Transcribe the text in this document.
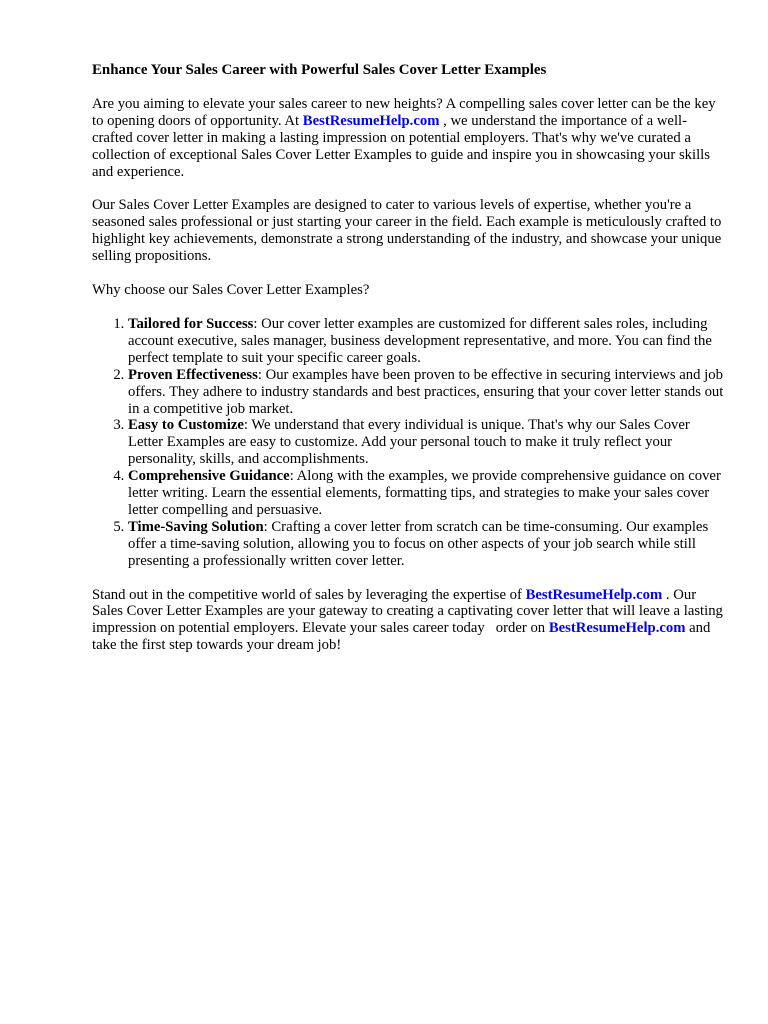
Enhance Your Sales Career with Powerful Sales Cover Letter Examples

Are you aiming to elevate your sales career to new heights? A compelling sales cover letter can be the key to opening doors of opportunity. At BestResumeHelp.com , we understand the importance of a well-crafted cover letter in making a lasting impression on potential employers. That's why we've curated a collection of exceptional Sales Cover Letter Examples to guide and inspire you in showcasing your skills and experience.

Our Sales Cover Letter Examples are designed to cater to various levels of expertise, whether you're a seasoned sales professional or just starting your career in the field. Each example is meticulously crafted to highlight key achievements, demonstrate a strong understanding of the industry, and showcase your unique selling propositions.

Why choose our Sales Cover Letter Examples?

1. Tailored for Success: Our cover letter examples are customized for different sales roles, including account executive, sales manager, business development representative, and more. You can find the perfect template to suit your specific career goals.
2. Proven Effectiveness: Our examples have been proven to be effective in securing interviews and job offers. They adhere to industry standards and best practices, ensuring that your cover letter stands out in a competitive job market.
3. Easy to Customize: We understand that every individual is unique. That's why our Sales Cover Letter Examples are easy to customize. Add your personal touch to make it truly reflect your personality, skills, and accomplishments.
4. Comprehensive Guidance: Along with the examples, we provide comprehensive guidance on cover letter writing. Learn the essential elements, formatting tips, and strategies to make your sales cover letter compelling and persuasive.
5. Time-Saving Solution: Crafting a cover letter from scratch can be time-consuming. Our examples offer a time-saving solution, allowing you to focus on other aspects of your job search while still presenting a professionally written cover letter.

Stand out in the competitive world of sales by leveraging the expertise of BestResumeHelp.com . Our Sales Cover Letter Examples are your gateway to creating a captivating cover letter that will leave a lasting impression on potential employers. Elevate your sales career today   order on BestResumeHelp.com and take the first step towards your dream job!
